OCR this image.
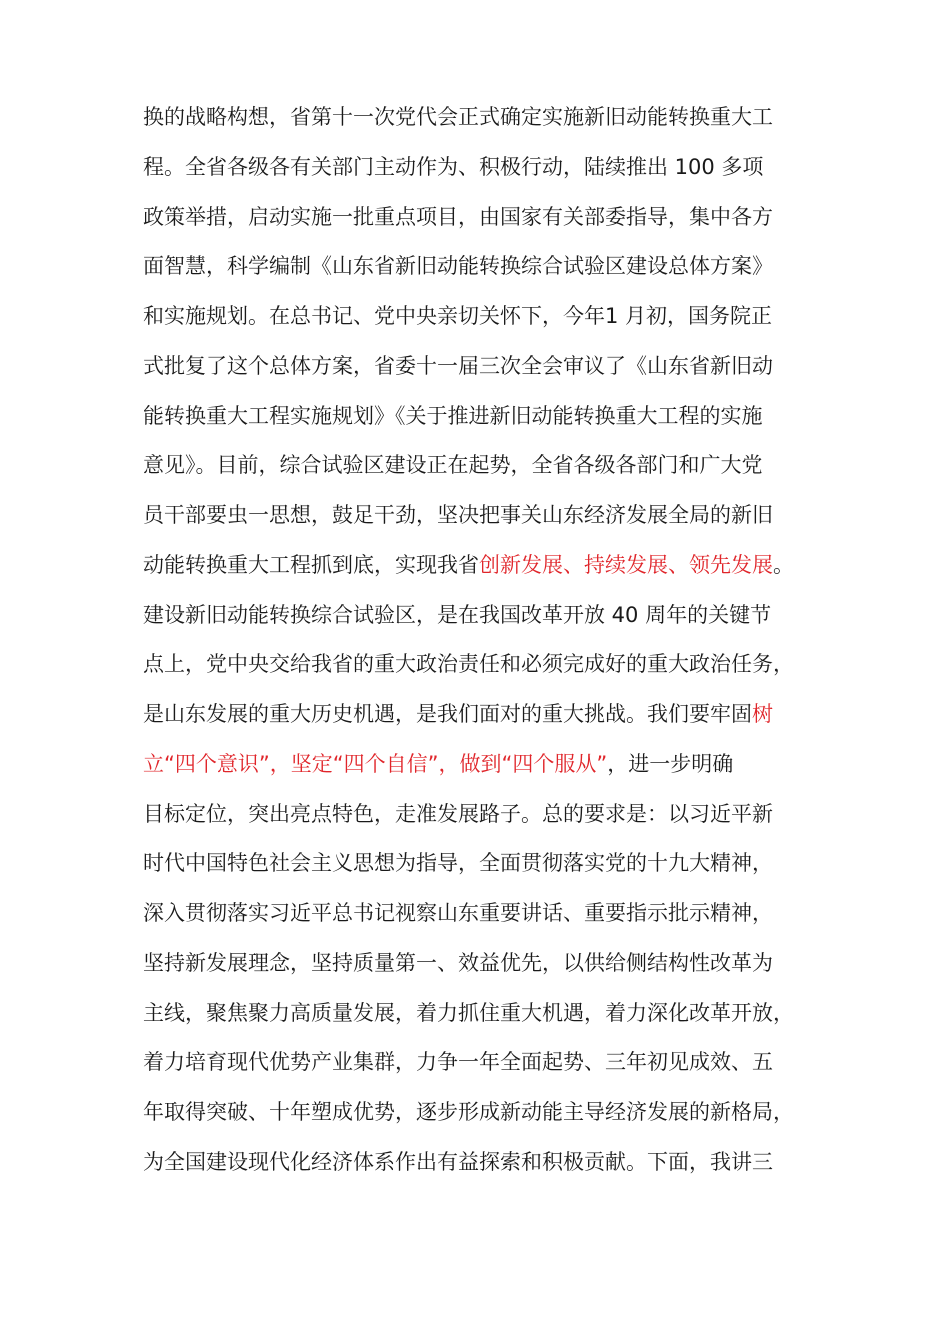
换的战略构想，省第十一次党代会正式确定实施新旧动能转换重大工
程。全省各级各有关部门主动作为、积极行动，陆续推出 100 多项
政策举措，启动实施一批重点项目，由国家有关部委指导，集中各方
面智慧，科学编制《山东省新旧动能转换综合试验区建设总体方案》
和实施规划。在总书记、党中央亲切关怀下，今年1 月初，国务院正
式批复了这个总体方案，省委十一届三次全会审议了《山东省新旧动
能转换重大工程实施规划》《关于推进新旧动能转换重大工程的实施
意见》。目前，综合试验区建设正在起势，全省各级各部门和广大党
员干部要虫一思想，鼓足干劲，坚决把事关山东经济发展全局的新旧
动能转换重大工程抓到底，实现我省创新发展、持续发展、领先发展。
建设新旧动能转换综合试验区，是在我国改革开放 40 周年的关键节
点上，党中央交给我省的重大政治责任和必须完成好的重大政治任务，
是山东发展的重大历史机遇，是我们面对的重大挑战。我们要牢固树
立“四个意识”，坚定“四个自信”，做到“四个服从”，进一步明确
目标定位，突出亮点特色，走准发展路子。总的要求是：以习近平新
时代中国特色社会主义思想为指导，全面贯彻落实党的十九大精神，
深入贯彻落实习近平总书记视察山东重要讲话、重要指示批示精神，
坚持新发展理念，坚持质量第一、效益优先，以供给侧结构性改革为
主线，聚焦聚力高质量发展，着力抓住重大机遇，着力深化改革开放，
着力培育现代优势产业集群，力争一年全面起势、三年初见成效、五
年取得突破、十年塑成优势，逐步形成新动能主导经济发展的新格局，
为全国建设现代化经济体系作出有益探索和积极贡献。下面，我讲三
